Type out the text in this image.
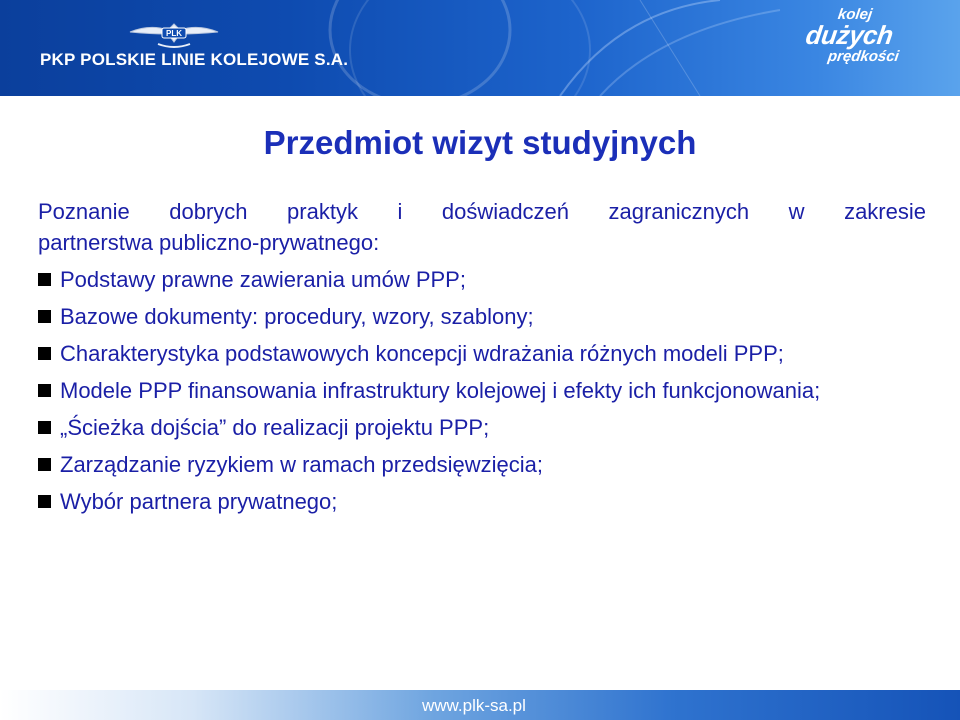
PLK
PKP POLSKIE LINIE KOLEJOWE S.A.
kolej
dużych
prędkości
Przedmiot wizyt studyjnych
Poznanie dobrych praktyk i doświadczeń zagranicznych w zakresie
partnerstwa publiczno-prywatnego:
Podstawy prawne zawierania umów PPP;
Bazowe dokumenty: procedury, wzory, szablony;
Charakterystyka podstawowych koncepcji wdrażania różnych modeli PPP;
Modele PPP finansowania infrastruktury kolejowej i efekty ich funkcjonowania;
„Ścieżka dojścia” do realizacji projektu PPP;
Zarządzanie ryzykiem w ramach przedsięwzięcia;
Wybór partnera prywatnego;
www.plk-sa.pl
